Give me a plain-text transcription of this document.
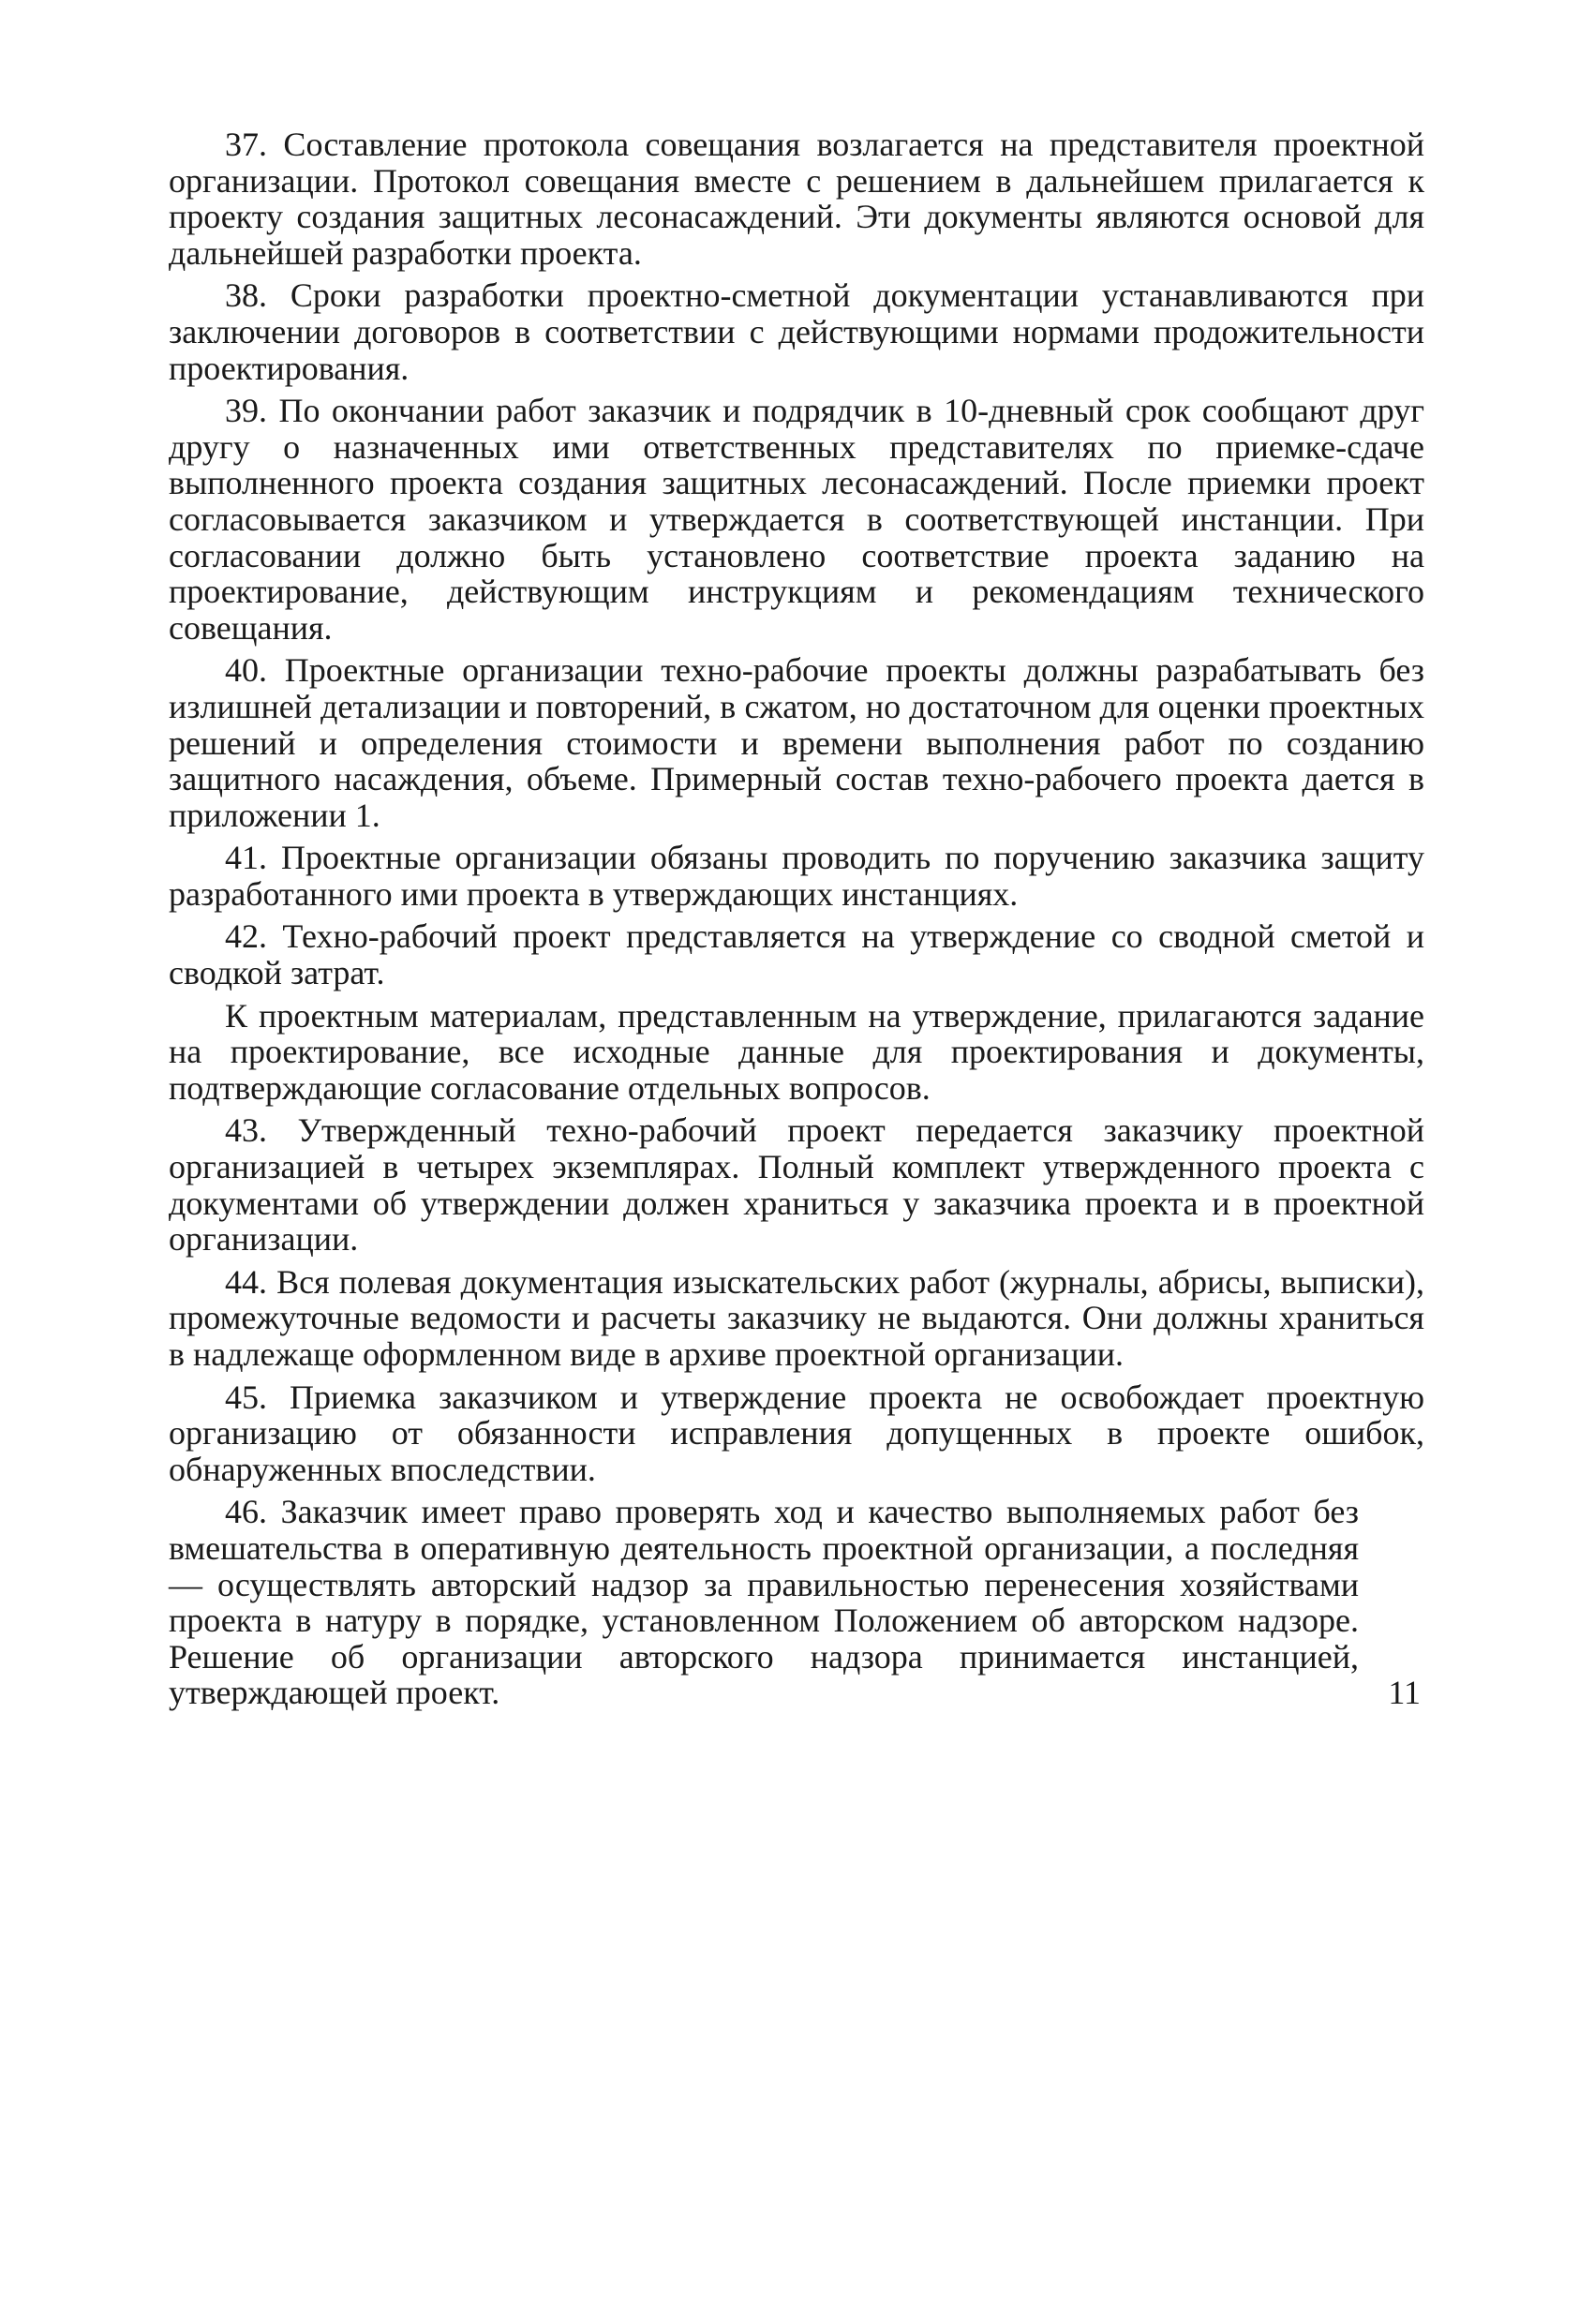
37. Составление протокола совещания возлагается на представителя проектной организации. Протокол совещания вместе с решением в дальнейшем прилагается к проекту создания защитных лесонасаждений. Эти документы являются основой для дальнейшей разработки проекта.

38. Сроки разработки проектно-сметной документации устанавливаются при заключении договоров в соответствии с действующими нормами продожительности проектирования.

39. По окончании работ заказчик и подрядчик в 10-дневный срок сообщают друг другу о назначенных ими ответственных представителях по приемке-сдаче выполненного проекта создания защитных лесонасаждений. После приемки проект согласовывается заказчиком и утверждается в соответствующей инстанции. При согласовании должно быть установлено соответствие проекта заданию на проектирование, действующим инструкциям и рекомендациям технического совещания.

40. Проектные организации техно-рабочие проекты должны разрабатывать без излишней детализации и повторений, в сжатом, но достаточном для оценки проектных решений и определения стоимости и времени выполнения работ по созданию защитного насаждения, объеме. Примерный состав техно-рабочего проекта дается в приложении 1.

41. Проектные организации обязаны проводить по поручению заказчика защиту разработанного ими проекта в утверждающих инстанциях.

42. Техно-рабочий проект представляется на утверждение со сводной сметой и сводкой затрат.

К проектным материалам, представленным на утверждение, прилагаются задание на проектирование, все исходные данные для проектирования и документы, подтверждающие согласование отдельных вопросов.

43. Утвержденный техно-рабочий проект передается заказчику проектной организацией в четырех экземплярах. Полный комплект утвержденного проекта с документами об утверждении должен храниться у заказчика проекта и в проектной организации.

44. Вся полевая документация изыскательских работ (журналы, абрисы, выписки), промежуточные ведомости и расчеты заказчику не выдаются. Они должны храниться в надлежаще оформленном виде в архиве проектной организации.

45. Приемка заказчиком и утверждение проекта не освобождает проектную организацию от обязанности исправления допущенных в проекте ошибок, обнаруженных впоследствии.

46. Заказчик имеет право проверять ход и качество выполняемых работ без вмешательства в оперативную деятельность проектной организации, а последняя — осуществлять авторский надзор за правильностью перенесения хозяйствами проекта в натуру в порядке, установленном Положением об авторском надзоре. Решение об организации авторского надзора принимается инстанцией, утверждающей проект.	11
